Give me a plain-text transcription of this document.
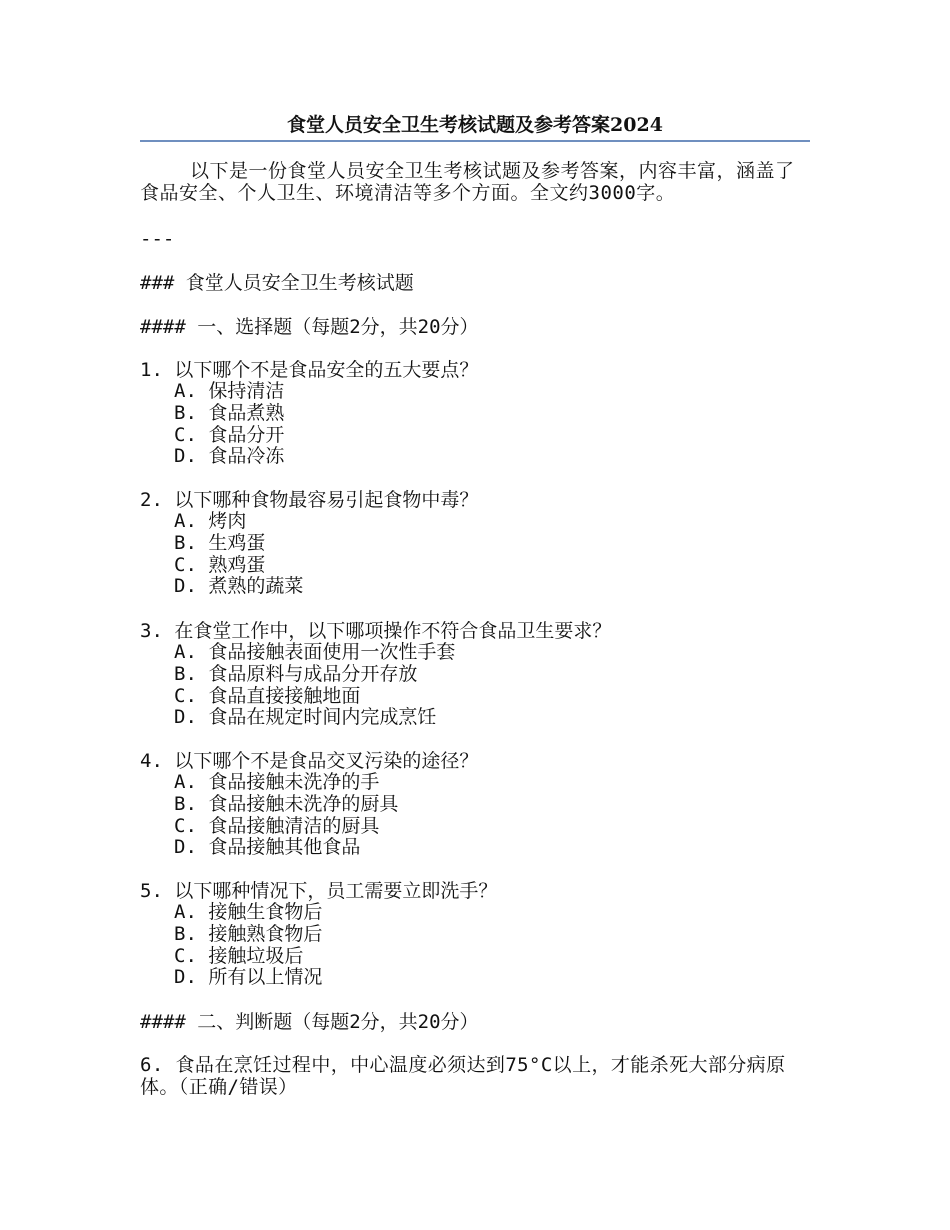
食堂人员安全卫生考核试题及参考答案2024

以下是一份食堂人员安全卫生考核试题及参考答案，内容丰富，涵盖了食品安全、个人卫生、环境清洁等多个方面。全文约3000字。

---
### 食堂人员安全卫生考核试题
#### 一、选择题（每题2分，共20分）
1. 以下哪个不是食品安全的五大要点？
A. 保持清洁
B. 食品煮熟
C. 食品分开
D. 食品冷冻
2. 以下哪种食物最容易引起食物中毒？
A. 烤肉
B. 生鸡蛋
C. 熟鸡蛋
D. 煮熟的蔬菜
3. 在食堂工作中，以下哪项操作不符合食品卫生要求？
A. 食品接触表面使用一次性手套
B. 食品原料与成品分开存放
C. 食品直接接触地面
D. 食品在规定时间内完成烹饪
4. 以下哪个不是食品交叉污染的途径？
A. 食品接触未洗净的手
B. 食品接触未洗净的厨具
C. 食品接触清洁的厨具
D. 食品接触其他食品
5. 以下哪种情况下，员工需要立即洗手？
A. 接触生食物后
B. 接触熟食物后
C. 接触垃圾后
D. 所有以上情况
#### 二、判断题（每题2分，共20分）
6. 食品在烹饪过程中，中心温度必须达到75°C以上，才能杀死大部分病原体。（正确/错误）
